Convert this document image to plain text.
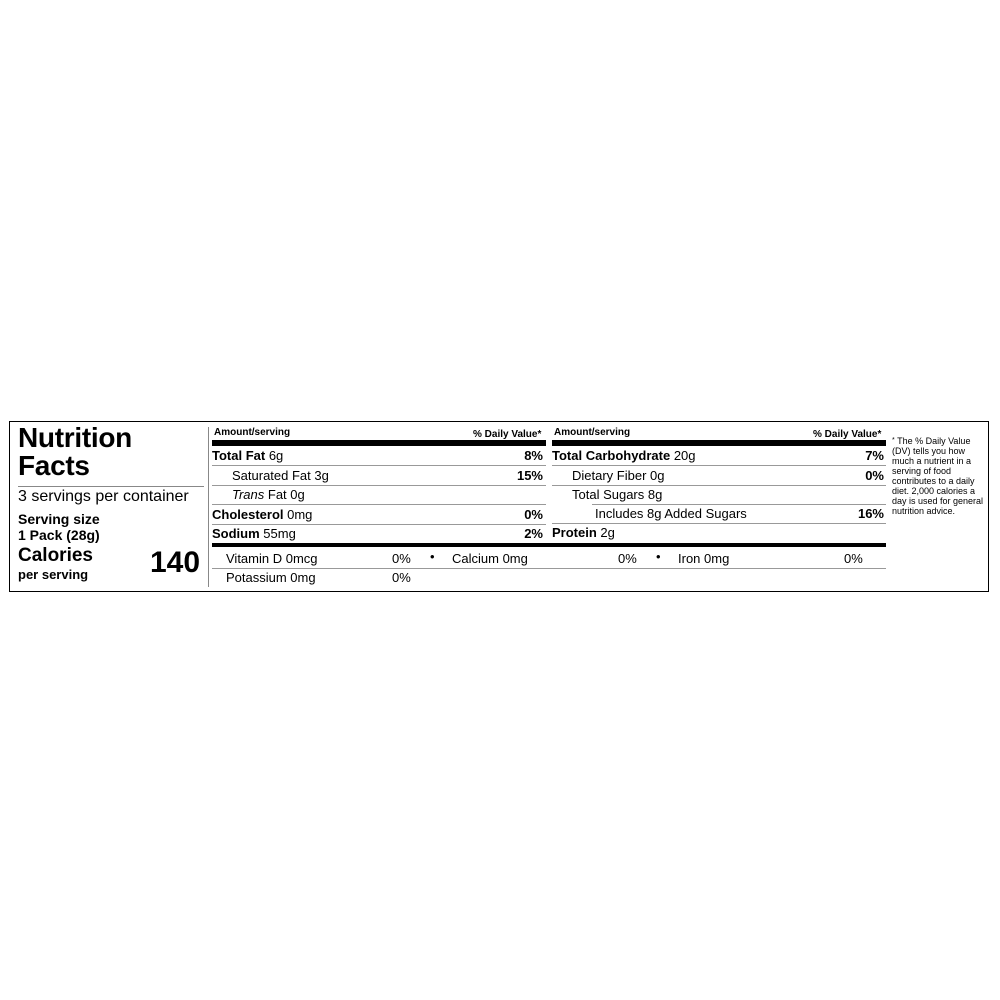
Nutrition Facts
3 servings per container
Serving size
1 Pack (28g)
Calories
per serving 140
Amount/serving	% Daily Value*
Total Fat 6g	8%
Saturated Fat 3g	15%
Trans Fat 0g
Cholesterol 0mg	0%
Sodium 55mg	2%
Amount/serving	% Daily Value*
Total Carbohydrate 20g	7%
Dietary Fiber 0g	0%
Total Sugars 8g
Includes 8g Added Sugars	16%
Protein 2g
Vitamin D 0mcg	0% • Calcium 0mg	0% • Iron 0mg	0%
Potassium 0mg	0%
* The % Daily Value (DV) tells you how much a nutrient in a serving of food contributes to a daily diet. 2,000 calories a day is used for general nutrition advice.
